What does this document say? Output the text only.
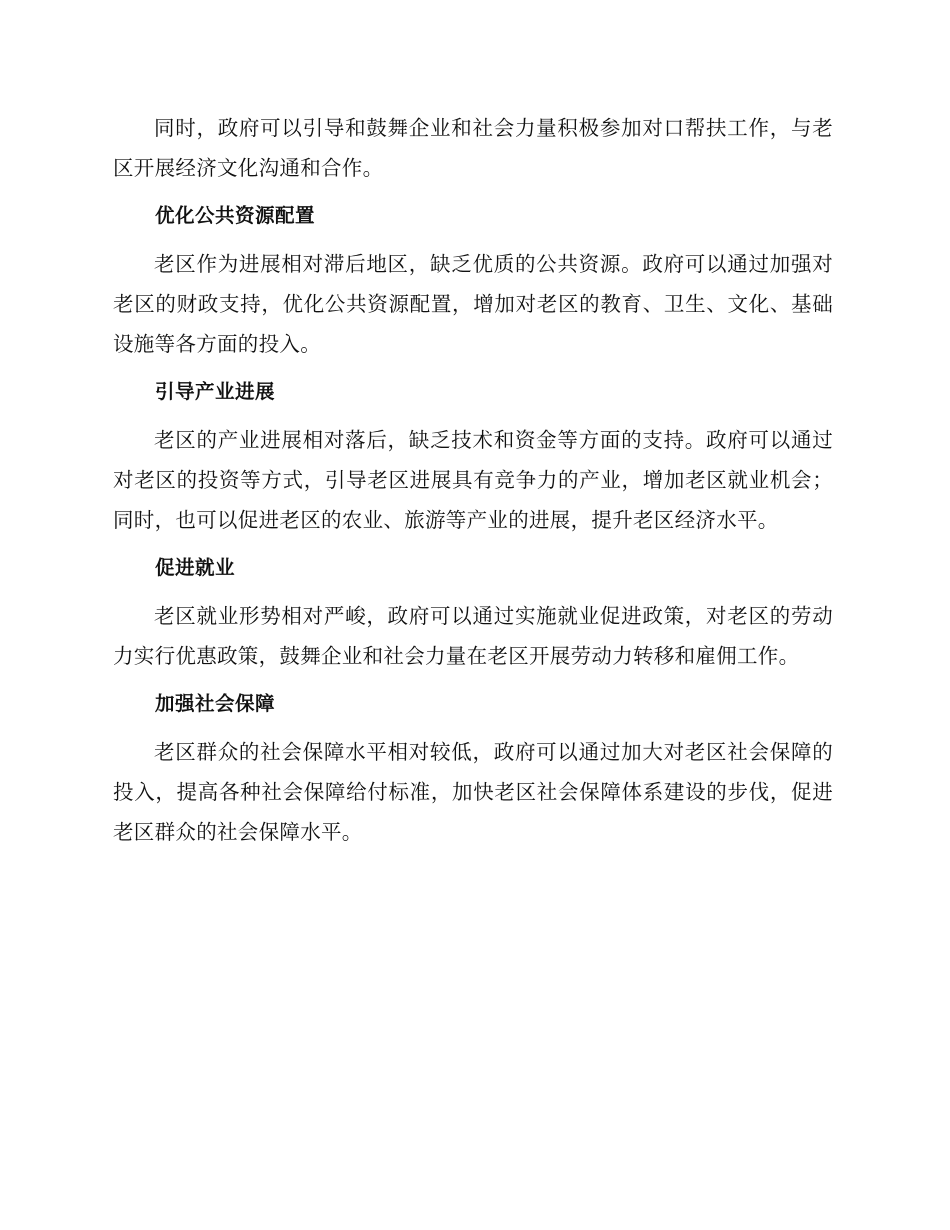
同时，政府可以引导和鼓舞企业和社会力量积极参加对口帮扶工作，与老区开展经济文化沟通和合作。

优化公共资源配置

老区作为进展相对滞后地区，缺乏优质的公共资源。政府可以通过加强对老区的财政支持，优化公共资源配置，增加对老区的教育、卫生、文化、基础设施等各方面的投入。

引导产业进展

老区的产业进展相对落后，缺乏技术和资金等方面的支持。政府可以通过对老区的投资等方式，引导老区进展具有竞争力的产业，增加老区就业机会；同时，也可以促进老区的农业、旅游等产业的进展，提升老区经济水平。

促进就业

老区就业形势相对严峻，政府可以通过实施就业促进政策，对老区的劳动力实行优惠政策，鼓舞企业和社会力量在老区开展劳动力转移和雇佣工作。

加强社会保障

老区群众的社会保障水平相对较低，政府可以通过加大对老区社会保障的投入，提高各种社会保障给付标准，加快老区社会保障体系建设的步伐，促进老区群众的社会保障水平。
